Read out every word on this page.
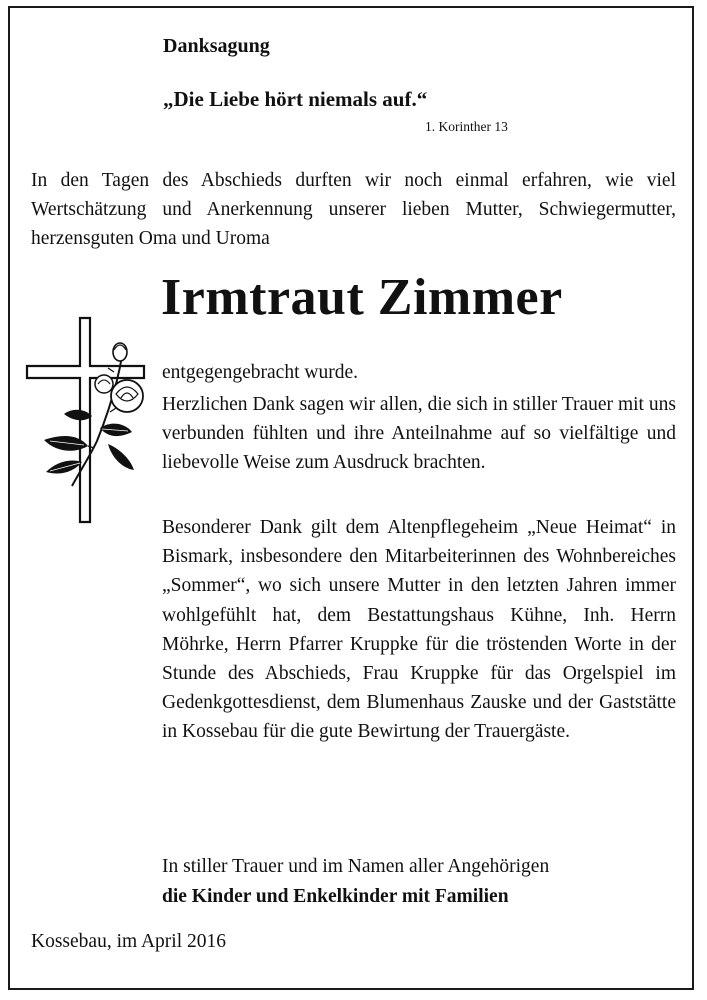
Danksagung
„Die Liebe hört niemals auf.“
1. Korinther 13

In den Tagen des Abschieds durften wir noch einmal erfahren, wie viel Wertschätzung und Anerkennung unserer lieben Mutter, Schwiegermutter, herzensguten Oma und Uroma

Irmtraut Zimmer

entgegengebracht wurde.

Herzlichen Dank sagen wir allen, die sich in stiller Trauer mit uns verbunden fühlten und ihre Anteilnahme auf so vielfältige und liebevolle Weise zum Ausdruck brachten.

Besonderer Dank gilt dem Altenpflegeheim „Neue Heimat“ in Bismark, insbesondere den Mitarbeiterinnen des Wohnbereiches „Sommer“, wo sich unsere Mutter in den letzten Jahren immer wohlgefühlt hat, dem Bestattungshaus Kühne, Inh. Herrn Möhrke, Herrn Pfarrer Kruppke für die tröstenden Worte in der Stunde des Abschieds, Frau Kruppke für das Orgelspiel im Gedenkgottesdienst, dem Blumenhaus Zauske und der Gaststätte in Kossebau für die gute Bewirtung der Trauergäste.

In stiller Trauer und im Namen aller Angehörigen
die Kinder und Enkelkinder mit Familien
Kossebau, im April 2016
